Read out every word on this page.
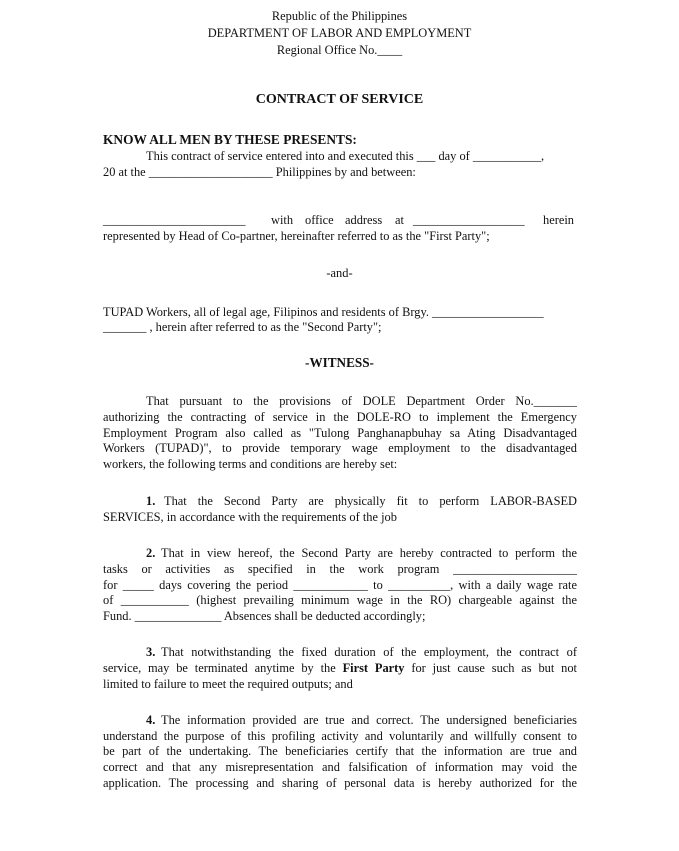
Republic of the Philippines
DEPARTMENT OF LABOR AND EMPLOYMENT
Regional Office No.____
CONTRACT OF SERVICE
KNOW ALL MEN BY THESE PRESENTS:
This contract of service entered into and executed this ___ day of ___________,
20 at the ____________________ Philippines by and between:
_______________________ with office address at __________________ herein
represented by Head of Co-partner, hereinafter referred to as the "First Party";
-and-
TUPAD Workers, all of legal age, Filipinos and residents of Brgy. __________________
_______ , herein after referred to as the "Second Party";
-WITNESS-
That pursuant to the provisions of DOLE Department Order No._______
authorizing the contracting of service in the DOLE-RO to implement the Emergency
Employment Program also called as "Tulong Panghanapbuhay sa Ating Disadvantaged
Workers (TUPAD)", to provide temporary wage employment to the disadvantaged
workers, the following terms and conditions are hereby set:
1. That the Second Party are physically fit to perform LABOR-BASED
SERVICES, in accordance with the requirements of the job
2. That in view hereof, the Second Party are hereby contracted to perform the
tasks or activities as specified in the work program ____________________
for _____ days covering the period ____________ to __________, with a daily wage rate
of ___________ (highest prevailing minimum wage in the RO) chargeable against the
Fund. ______________ Absences shall be deducted accordingly;
3. That notwithstanding the fixed duration of the employment, the contract of
service, may be terminated anytime by the First Party for just cause such as but not
limited to failure to meet the required outputs; and
4. The information provided are true and correct. The undersigned beneficiaries
understand the purpose of this profiling activity and voluntarily and willfully consent to
be part of the undertaking. The beneficiaries certify that the information are true and
correct and that any misrepresentation and falsification of information may void the
application. The processing and sharing of personal data is hereby authorized for the
